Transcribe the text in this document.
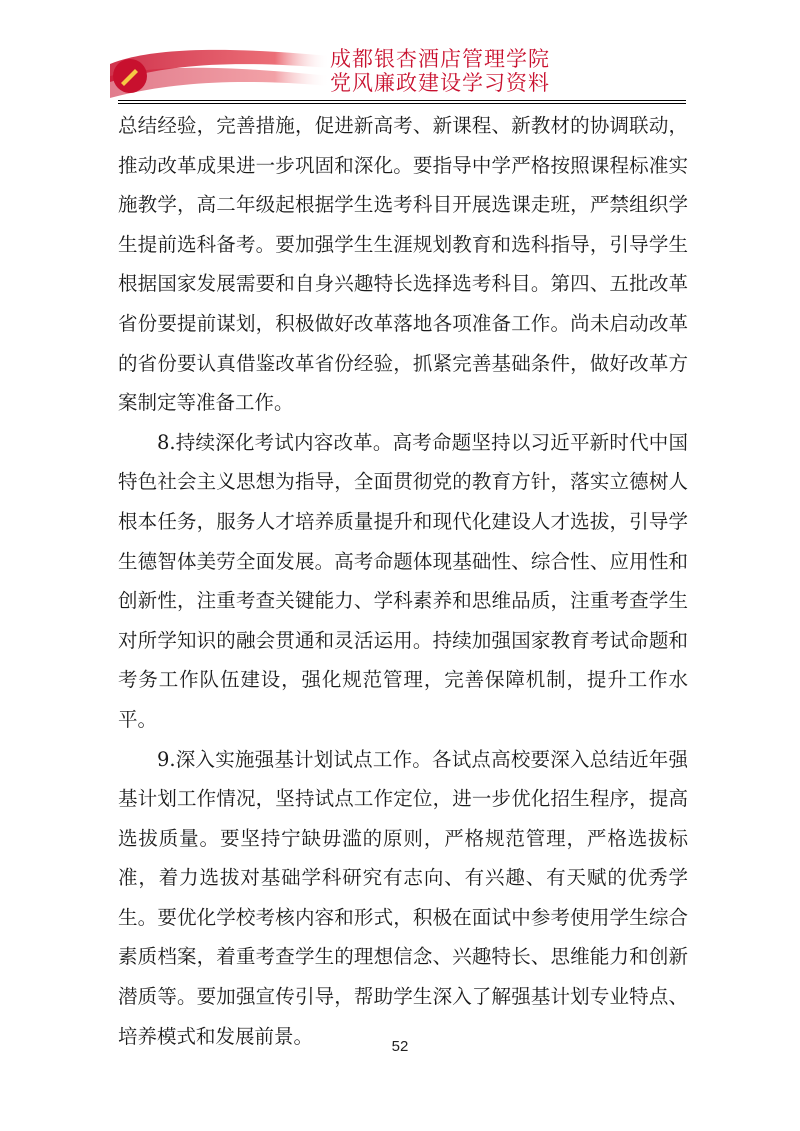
成都银杏酒店管理学院
党风廉政建设学习资料

总结经验，完善措施，促进新高考、新课程、新教材的协调联动，推动改革成果进一步巩固和深化。要指导中学严格按照课程标准实施教学，高二年级起根据学生选考科目开展选课走班，严禁组织学生提前选科备考。要加强学生生涯规划教育和选科指导，引导学生根据国家发展需要和自身兴趣特长选择选考科目。第四、五批改革省份要提前谋划，积极做好改革落地各项准备工作。尚未启动改革的省份要认真借鉴改革省份经验，抓紧完善基础条件，做好改革方案制定等准备工作。

8.持续深化考试内容改革。高考命题坚持以习近平新时代中国特色社会主义思想为指导，全面贯彻党的教育方针，落实立德树人根本任务，服务人才培养质量提升和现代化建设人才选拔，引导学生德智体美劳全面发展。高考命题体现基础性、综合性、应用性和创新性，注重考查关键能力、学科素养和思维品质，注重考查学生对所学知识的融会贯通和灵活运用。持续加强国家教育考试命题和考务工作队伍建设，强化规范管理，完善保障机制，提升工作水平。

9.深入实施强基计划试点工作。各试点高校要深入总结近年强基计划工作情况，坚持试点工作定位，进一步优化招生程序，提高选拔质量。要坚持宁缺毋滥的原则，严格规范管理，严格选拔标准，着力选拔对基础学科研究有志向、有兴趣、有天赋的优秀学生。要优化学校考核内容和形式，积极在面试中参考使用学生综合素质档案，着重考查学生的理想信念、兴趣特长、思维能力和创新潜质等。要加强宣传引导，帮助学生深入了解强基计划专业特点、培养模式和发展前景。	52
